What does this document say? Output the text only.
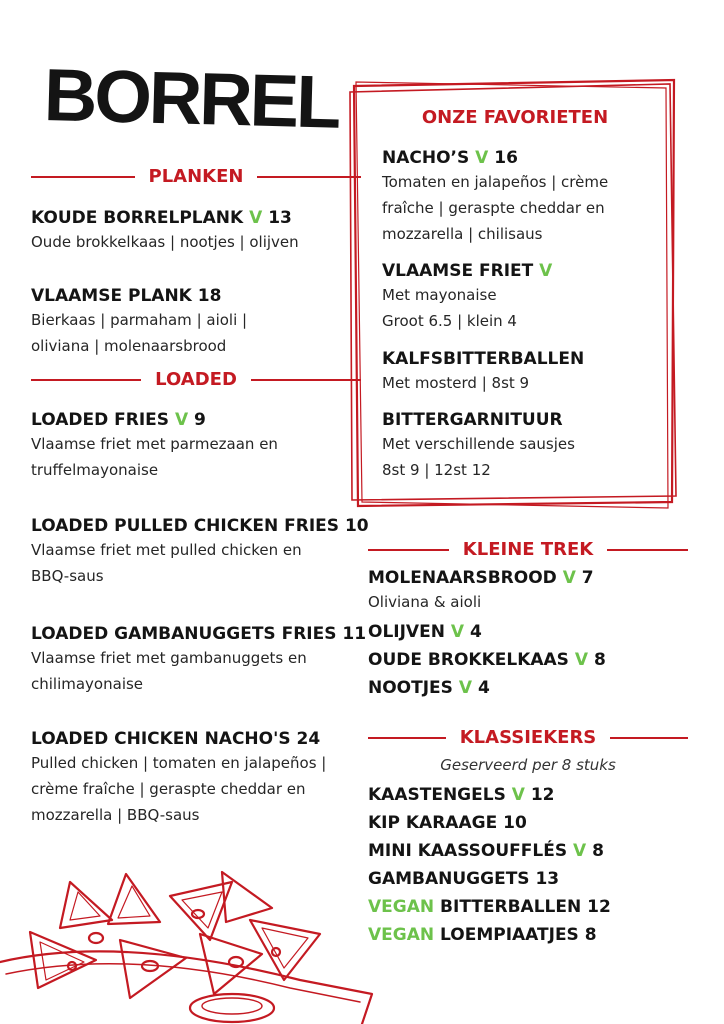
BORREL
PLANKEN
KOUDE BORRELPLANK V 13
Oude brokkelkaas | nootjes | olijven
VLAAMSE PLANK 18
Bierkaas | parmaham | aioli |
oliviana | molenaarsbrood
LOADED
LOADED FRIES V 9
Vlaamse friet met parmezaan en
truffelmayonaise
LOADED PULLED CHICKEN FRIES 10
Vlaamse friet met pulled chicken en
BBQ-saus
LOADED GAMBANUGGETS FRIES 11
Vlaamse friet met gambanuggets en
chilimayonaise
LOADED CHICKEN NACHO'S 24
Pulled chicken | tomaten en jalapeños |
crème fraîche | geraspte cheddar en
mozzarella | BBQ-saus
ONZE FAVORIETEN
NACHO’S V 16
Tomaten en jalapeños | crème
fraîche | geraspte cheddar en
mozzarella | chilisaus
VLAAMSE FRIET V
Met mayonaise
Groot 6.5 | klein 4
KALFSBITTERBALLEN
Met mosterd | 8st 9
BITTERGARNITUUR
Met verschillende sausjes
8st 9 | 12st 12
KLEINE TREK
MOLENAARSBROOD V 7
Oliviana & aioli
OLIJVEN V 4
OUDE BROKKELKAAS V 8
NOOTJES V 4
KLASSIEKERS
Geserveerd per 8 stuks
KAASTENGELS V 12
KIP KARAAGE 10
MINI KAASSOUFFLÉS V 8
GAMBANUGGETS 13
VEGAN BITTERBALLEN 12
VEGAN LOEMPIAATJES 8
